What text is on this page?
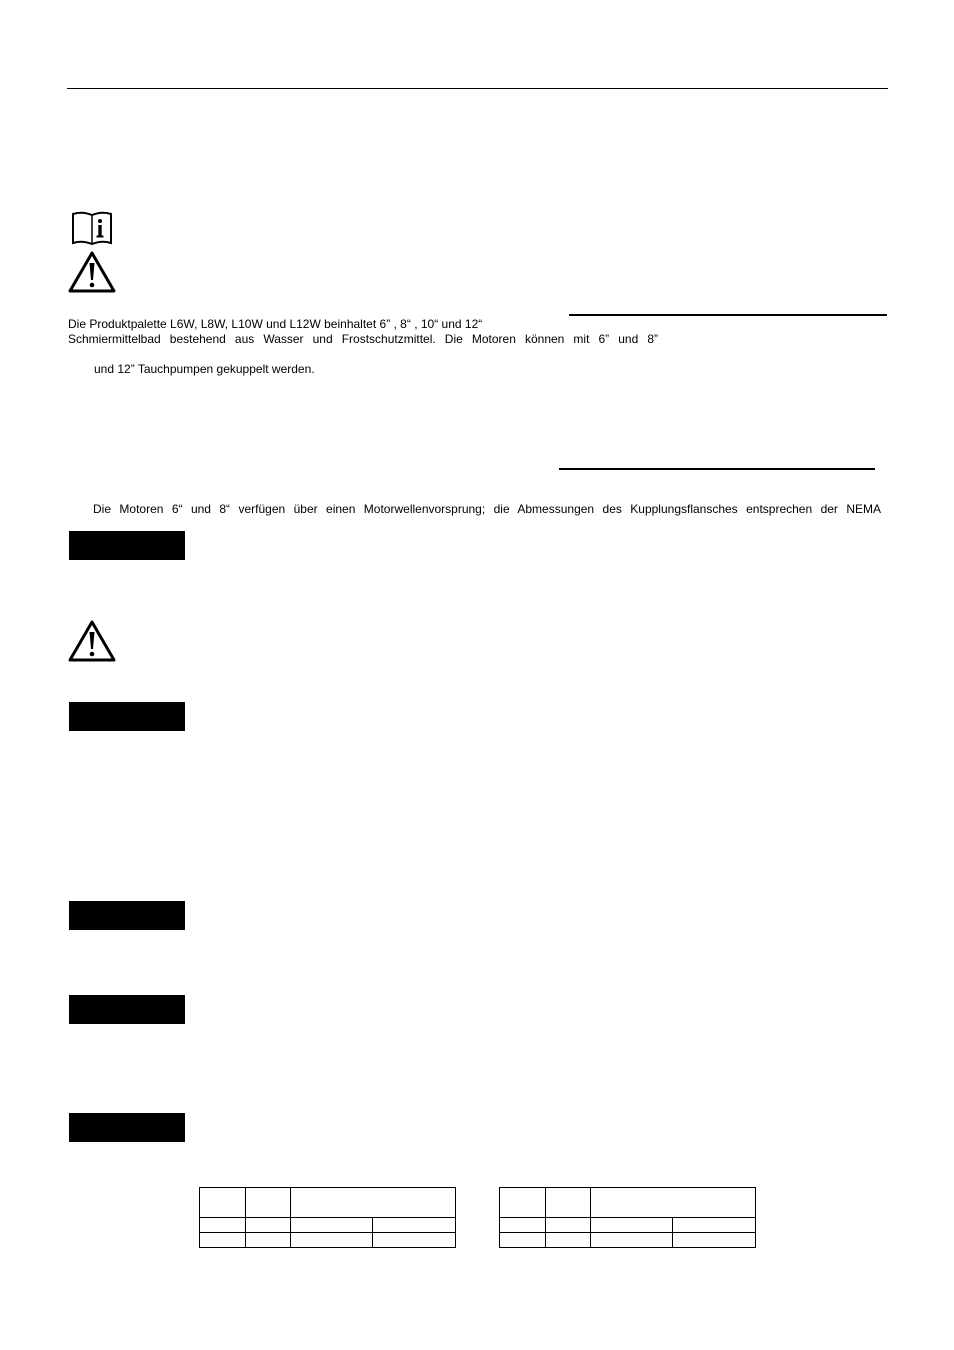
Die Produktpalette L6W, L8W, L10W und L12W beinhaltet 6” , 8“ , 10“ und 12“
Schmiermittelbad bestehend aus Wasser und Frostschutzmittel. Die Motoren können mit 6” und 8”
und 12” Tauchpumpen gekuppelt werden.
Die Motoren 6“ und 8“ verfügen über einen Motorwellenvorsprung; die Abmessungen des Kupplungsflansches entsprechen der NEMA
